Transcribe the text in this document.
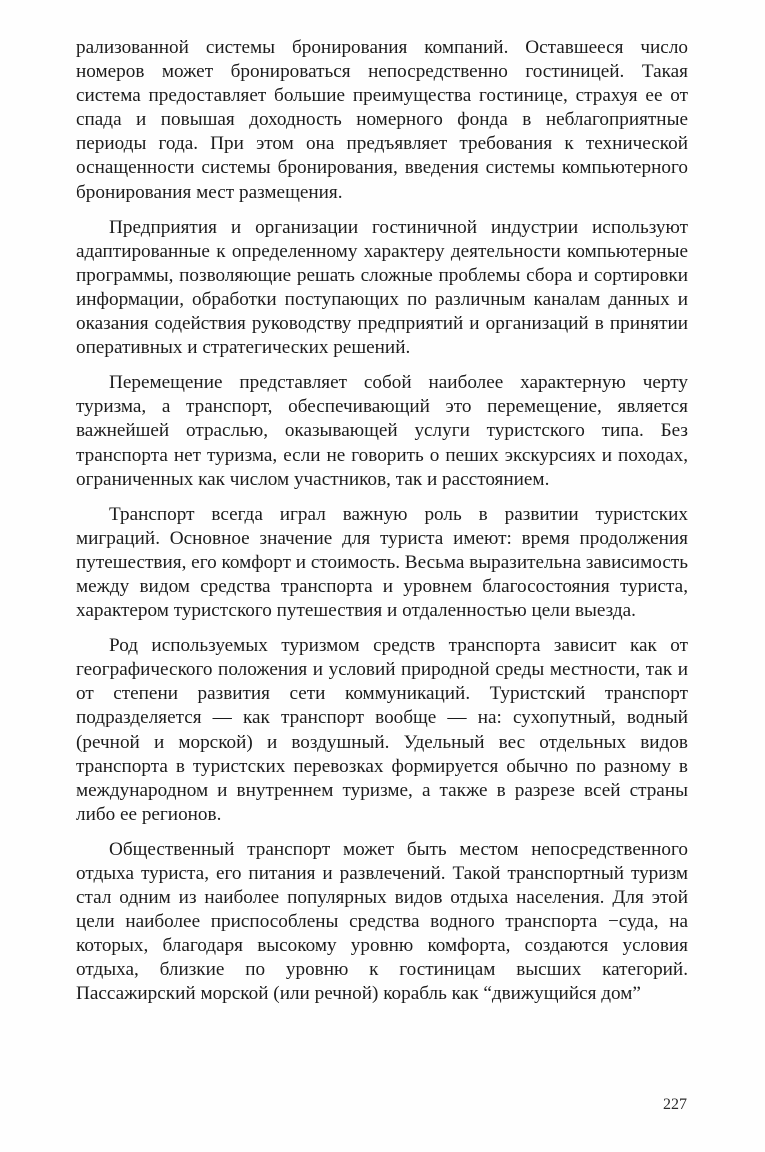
рализованной системы бронирования компаний. Оставшееся число номеров может бронироваться непосредственно гостиницей. Такая система предоставляет большие преимущества гостинице, страхуя ее от спада и повышая доходность номерного фонда в неблагоприятные периоды года. При этом она предъявляет требования к технической оснащенности системы бронирования, введения системы компьютерного бронирования мест размещения.

Предприятия и организации гостиничной индустрии используют адаптированные к определенному характеру деятельности компьютерные программы, позволяющие решать сложные проблемы сбора и сортировки информации, обработки поступающих по различным каналам данных и оказания содействия руководству предприятий и организаций в принятии оперативных и стратегических решений.

Перемещение представляет собой наиболее характерную черту туризма, а транспорт, обеспечивающий это перемещение, является важнейшей отраслью, оказывающей услуги туристского типа. Без транспорта нет туризма, если не говорить о пеших экскурсиях и походах, ограниченных как числом участников, так и расстоянием.

Транспорт всегда играл важную роль в развитии туристских миграций. Основное значение для туриста имеют: время продолжения путешествия, его комфорт и стоимость. Весьма выразительна зависимость между видом средства транспорта и уровнем благосостояния туриста, характером туристского путешествия и отдаленностью цели выезда.

Род используемых туризмом средств транспорта зависит как от географического положения и условий природной среды местности, так и от степени развития сети коммуникаций. Туристский транспорт подразделяется — как транспорт вообще — на: сухопутный, водный (речной и морской) и воздушный. Удельный вес отдельных видов транспорта в туристских перевозках формируется обычно по разному в международном и внутреннем туризме, а также в разрезе всей страны либо ее регионов.

Общественный транспорт может быть местом непосредственного отдыха туриста, его питания и развлечений. Такой транспортный туризм стал одним из наиболее популярных видов отдыха населения. Для этой цели наиболее приспособлены средства водного транспорта −суда, на которых, благодаря высокому уровню комфорта, создаются условия отдыха, близкие по уровню к гостиницам высших категорий. Пассажирский морской (или речной) корабль как “движущийся дом”

227
